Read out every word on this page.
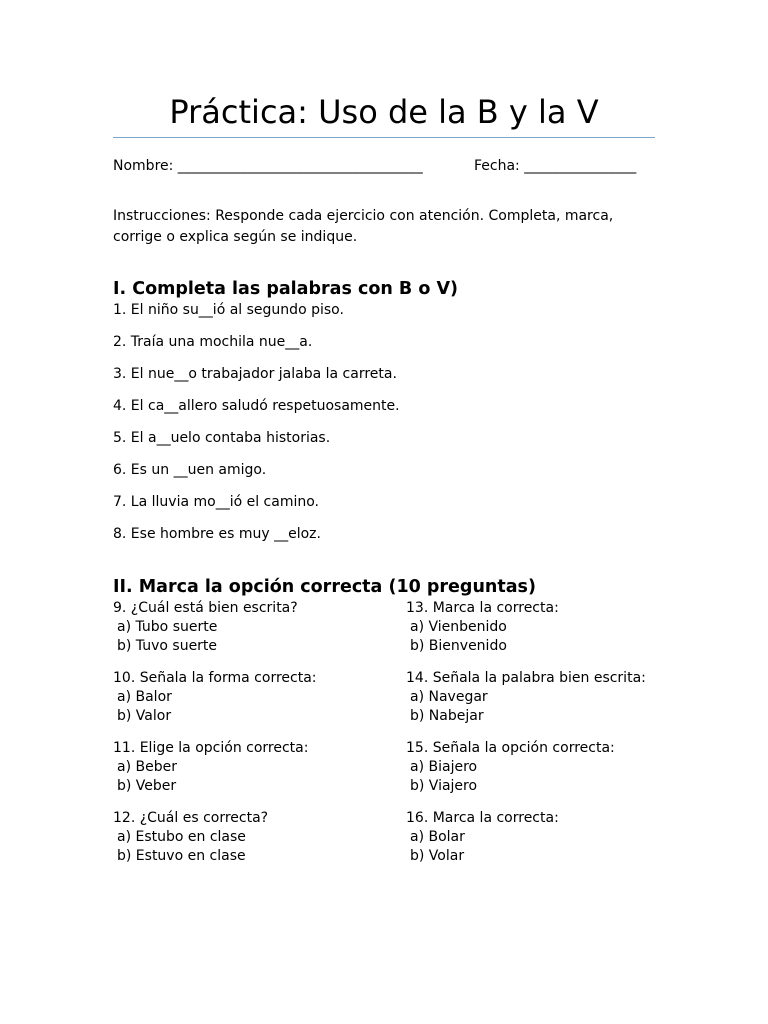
Práctica: Uso de la B y la V
Nombre: ___________________________________	Fecha: ________________

Instrucciones: Responde cada ejercicio con atención. Completa, marca, corrige o explica según se indique.

I. Completa las palabras con B o V)
1. El niño su__ió al segundo piso.
2. Traía una mochila nue__a.
3. El nue__o trabajador jalaba la carreta.
4. El ca__allero saludó respetuosamente.
5. El a__uelo contaba historias.
6. Es un __uen amigo.
7. La lluvia mo__ió el camino.
8. Ese hombre es muy __eloz.
II. Marca la opción correcta (10 preguntas)
9. ¿Cuál está bien escrita?
a) Tubo suerte
b) Tuvo suerte
10. Señala la forma correcta:
a) Balor
b) Valor
11. Elige la opción correcta:
a) Beber
b) Veber
12. ¿Cuál es correcta?
a) Estubo en clase
b) Estuvo en clase
13. Marca la correcta:
a) Vienbenido
b) Bienvenido
14. Señala la palabra bien escrita:
a) Navegar
b) Nabejar
15. Señala la opción correcta:
a) Biajero
b) Viajero
16. Marca la correcta:
a) Bolar
b) Volar
